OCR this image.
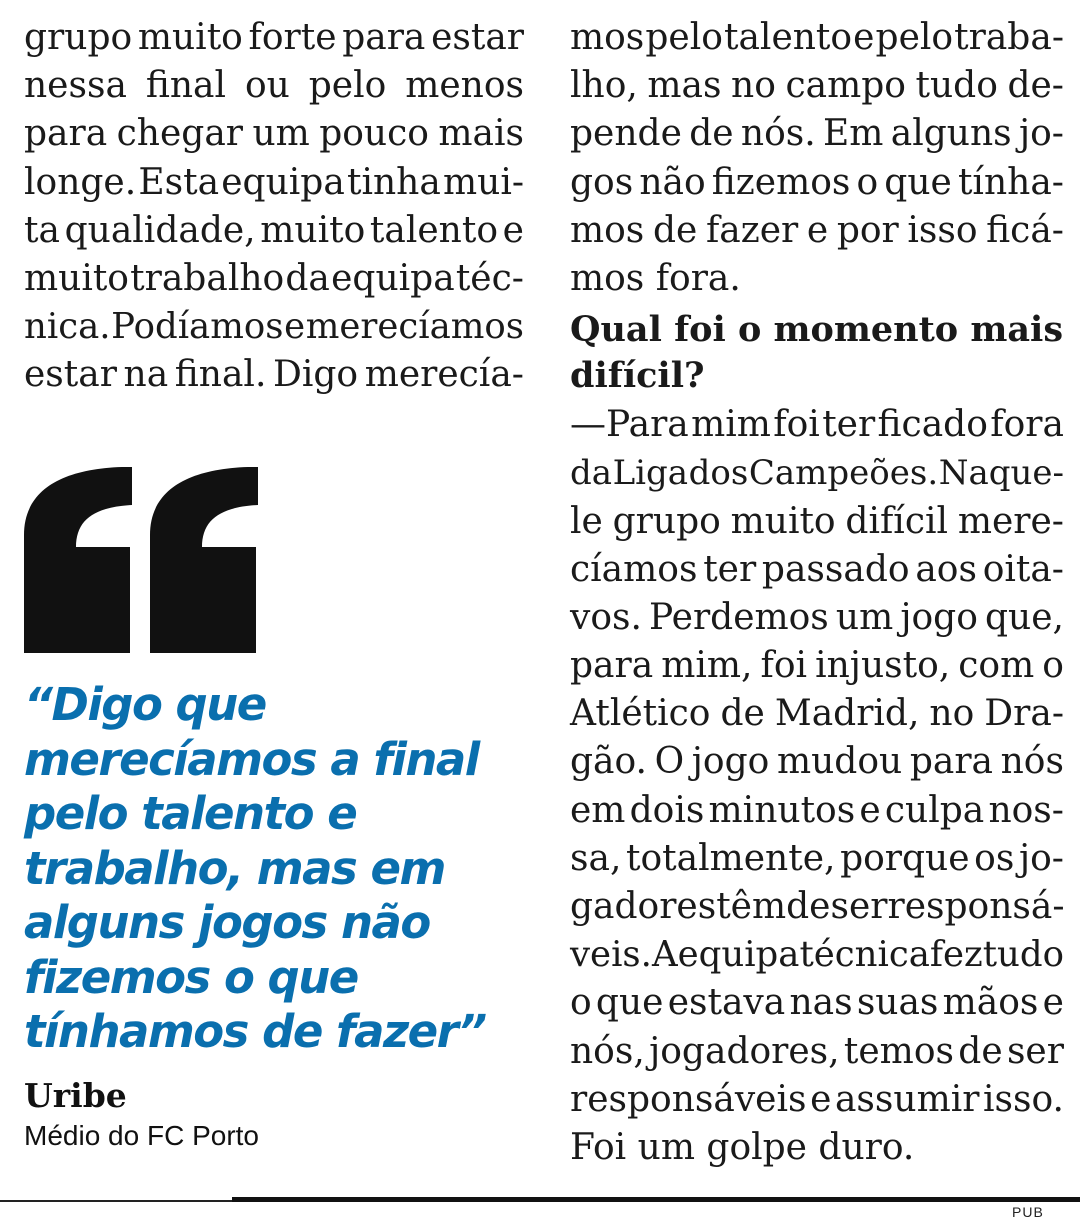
grupo muito forte para estar
nessa final ou pelo menos
para chegar um pouco mais
longe. Esta equipa tinha mui-
ta qualidade, muito talento e
muito trabalho da equipa téc-
nica. Podíamos e merecíamos
estar na final. Digo merecía-
“Digo que
merecíamos a final
pelo talento e
trabalho, mas em
alguns jogos não
fizemos o que
tínhamos de fazer”
Uribe
Médio do FC Porto
mos pelo talento e pelo traba-
lho, mas no campo tudo de-
pende de nós. Em alguns jo-
gos não fizemos o que tínha-
mos de fazer e por isso ficá-
mos fora.
Qual foi o momento mais
difícil?
—Para mim foi ter ficado fora
da Liga dos Campeões. Naque-
le grupo muito difícil mere-
cíamos ter passado aos oita-
vos. Perdemos um jogo que,
para mim, foi injusto, com o
Atlético de Madrid, no Dra-
gão. O jogo mudou para nós
em dois minutos e culpa nos-
sa, totalmente, porque os jo-
gadores têm de ser responsá-
veis. A equipa técnica fez tudo
o que estava nas suas mãos e
nós, jogadores, temos de ser
responsáveis e assumir isso.
Foi um golpe duro.
PUB
